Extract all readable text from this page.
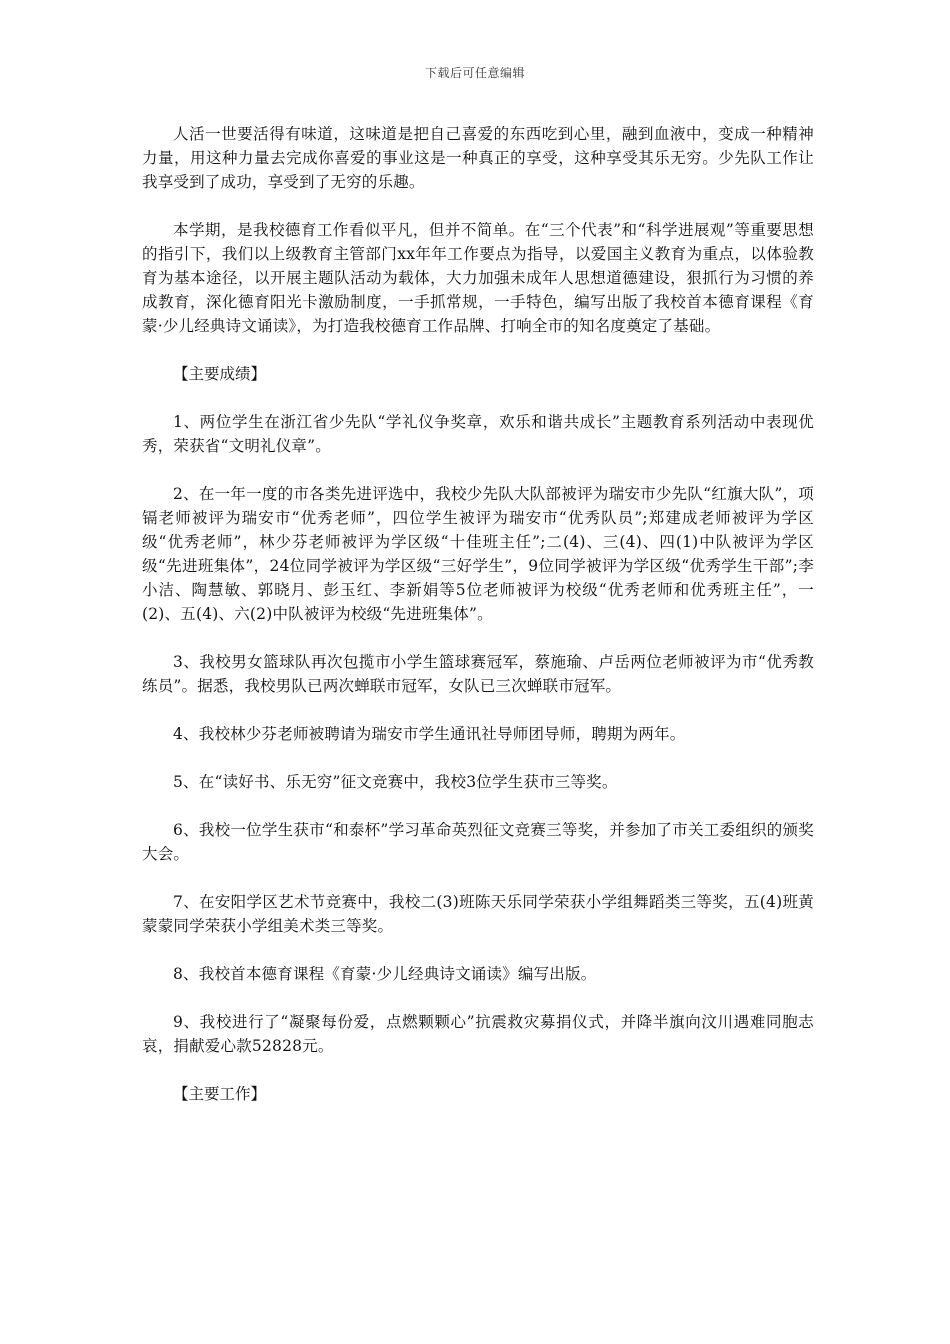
下载后可任意编辑

人活一世要活得有味道，这味道是把自己喜爱的东西吃到心里，融到血液中，变成一种精神力量，用这种力量去完成你喜爱的事业这是一种真正的享受，这种享受其乐无穷。少先队工作让我享受到了成功，享受到了无穷的乐趣。

本学期，是我校德育工作看似平凡，但并不简单。在“三个代表”和“科学进展观”等重要思想的指引下，我们以上级教育主管部门xx年年工作要点为指导，以爱国主义教育为重点，以体验教育为基本途径，以开展主题队活动为载体，大力加强未成年人思想道德建设，狠抓行为习惯的养成教育，深化德育阳光卡激励制度，一手抓常规，一手特色，编写出版了我校首本德育课程《育蒙·少儿经典诗文诵读》，为打造我校德育工作品牌、打响全市的知名度奠定了基础。

【主要成绩】

1、两位学生在浙江省少先队“学礼仪争奖章，欢乐和谐共成长”主题教育系列活动中表现优秀，荣获省“文明礼仪章”。

2、在一年一度的市各类先进评选中，我校少先队大队部被评为瑞安市少先队“红旗大队”，项镉老师被评为瑞安市“优秀老师”，四位学生被评为瑞安市“优秀队员”;郑建成老师被评为学区级“优秀老师”，林少芬老师被评为学区级“十佳班主任”;二(4)、三(4)、四(1)中队被评为学区级“先进班集体”，24位同学被评为学区级“三好学生”，9位同学被评为学区级“优秀学生干部”;李小洁、陶慧敏、郭晓月、彭玉红、李新娟等5位老师被评为校级“优秀老师和优秀班主任”，一(2)、五(4)、六(2)中队被评为校级“先进班集体”。

3、我校男女篮球队再次包揽市小学生篮球赛冠军，蔡施瑜、卢岳两位老师被评为市“优秀教练员”。据悉，我校男队已两次蝉联市冠军，女队已三次蝉联市冠军。

4、我校林少芬老师被聘请为瑞安市学生通讯社导师团导师，聘期为两年。

5、在“读好书、乐无穷”征文竞赛中，我校3位学生获市三等奖。

6、我校一位学生获市“和泰杯”学习革命英烈征文竞赛三等奖，并参加了市关工委组织的颁奖大会。

7、在安阳学区艺术节竞赛中，我校二(3)班陈天乐同学荣获小学组舞蹈类三等奖，五(4)班黄蒙蒙同学荣获小学组美术类三等奖。

8、我校首本德育课程《育蒙·少儿经典诗文诵读》编写出版。

9、我校进行了“凝聚每份爱，点燃颗颗心”抗震救灾募捐仪式，并降半旗向汶川遇难同胞志哀，捐献爱心款52828元。

【主要工作】
